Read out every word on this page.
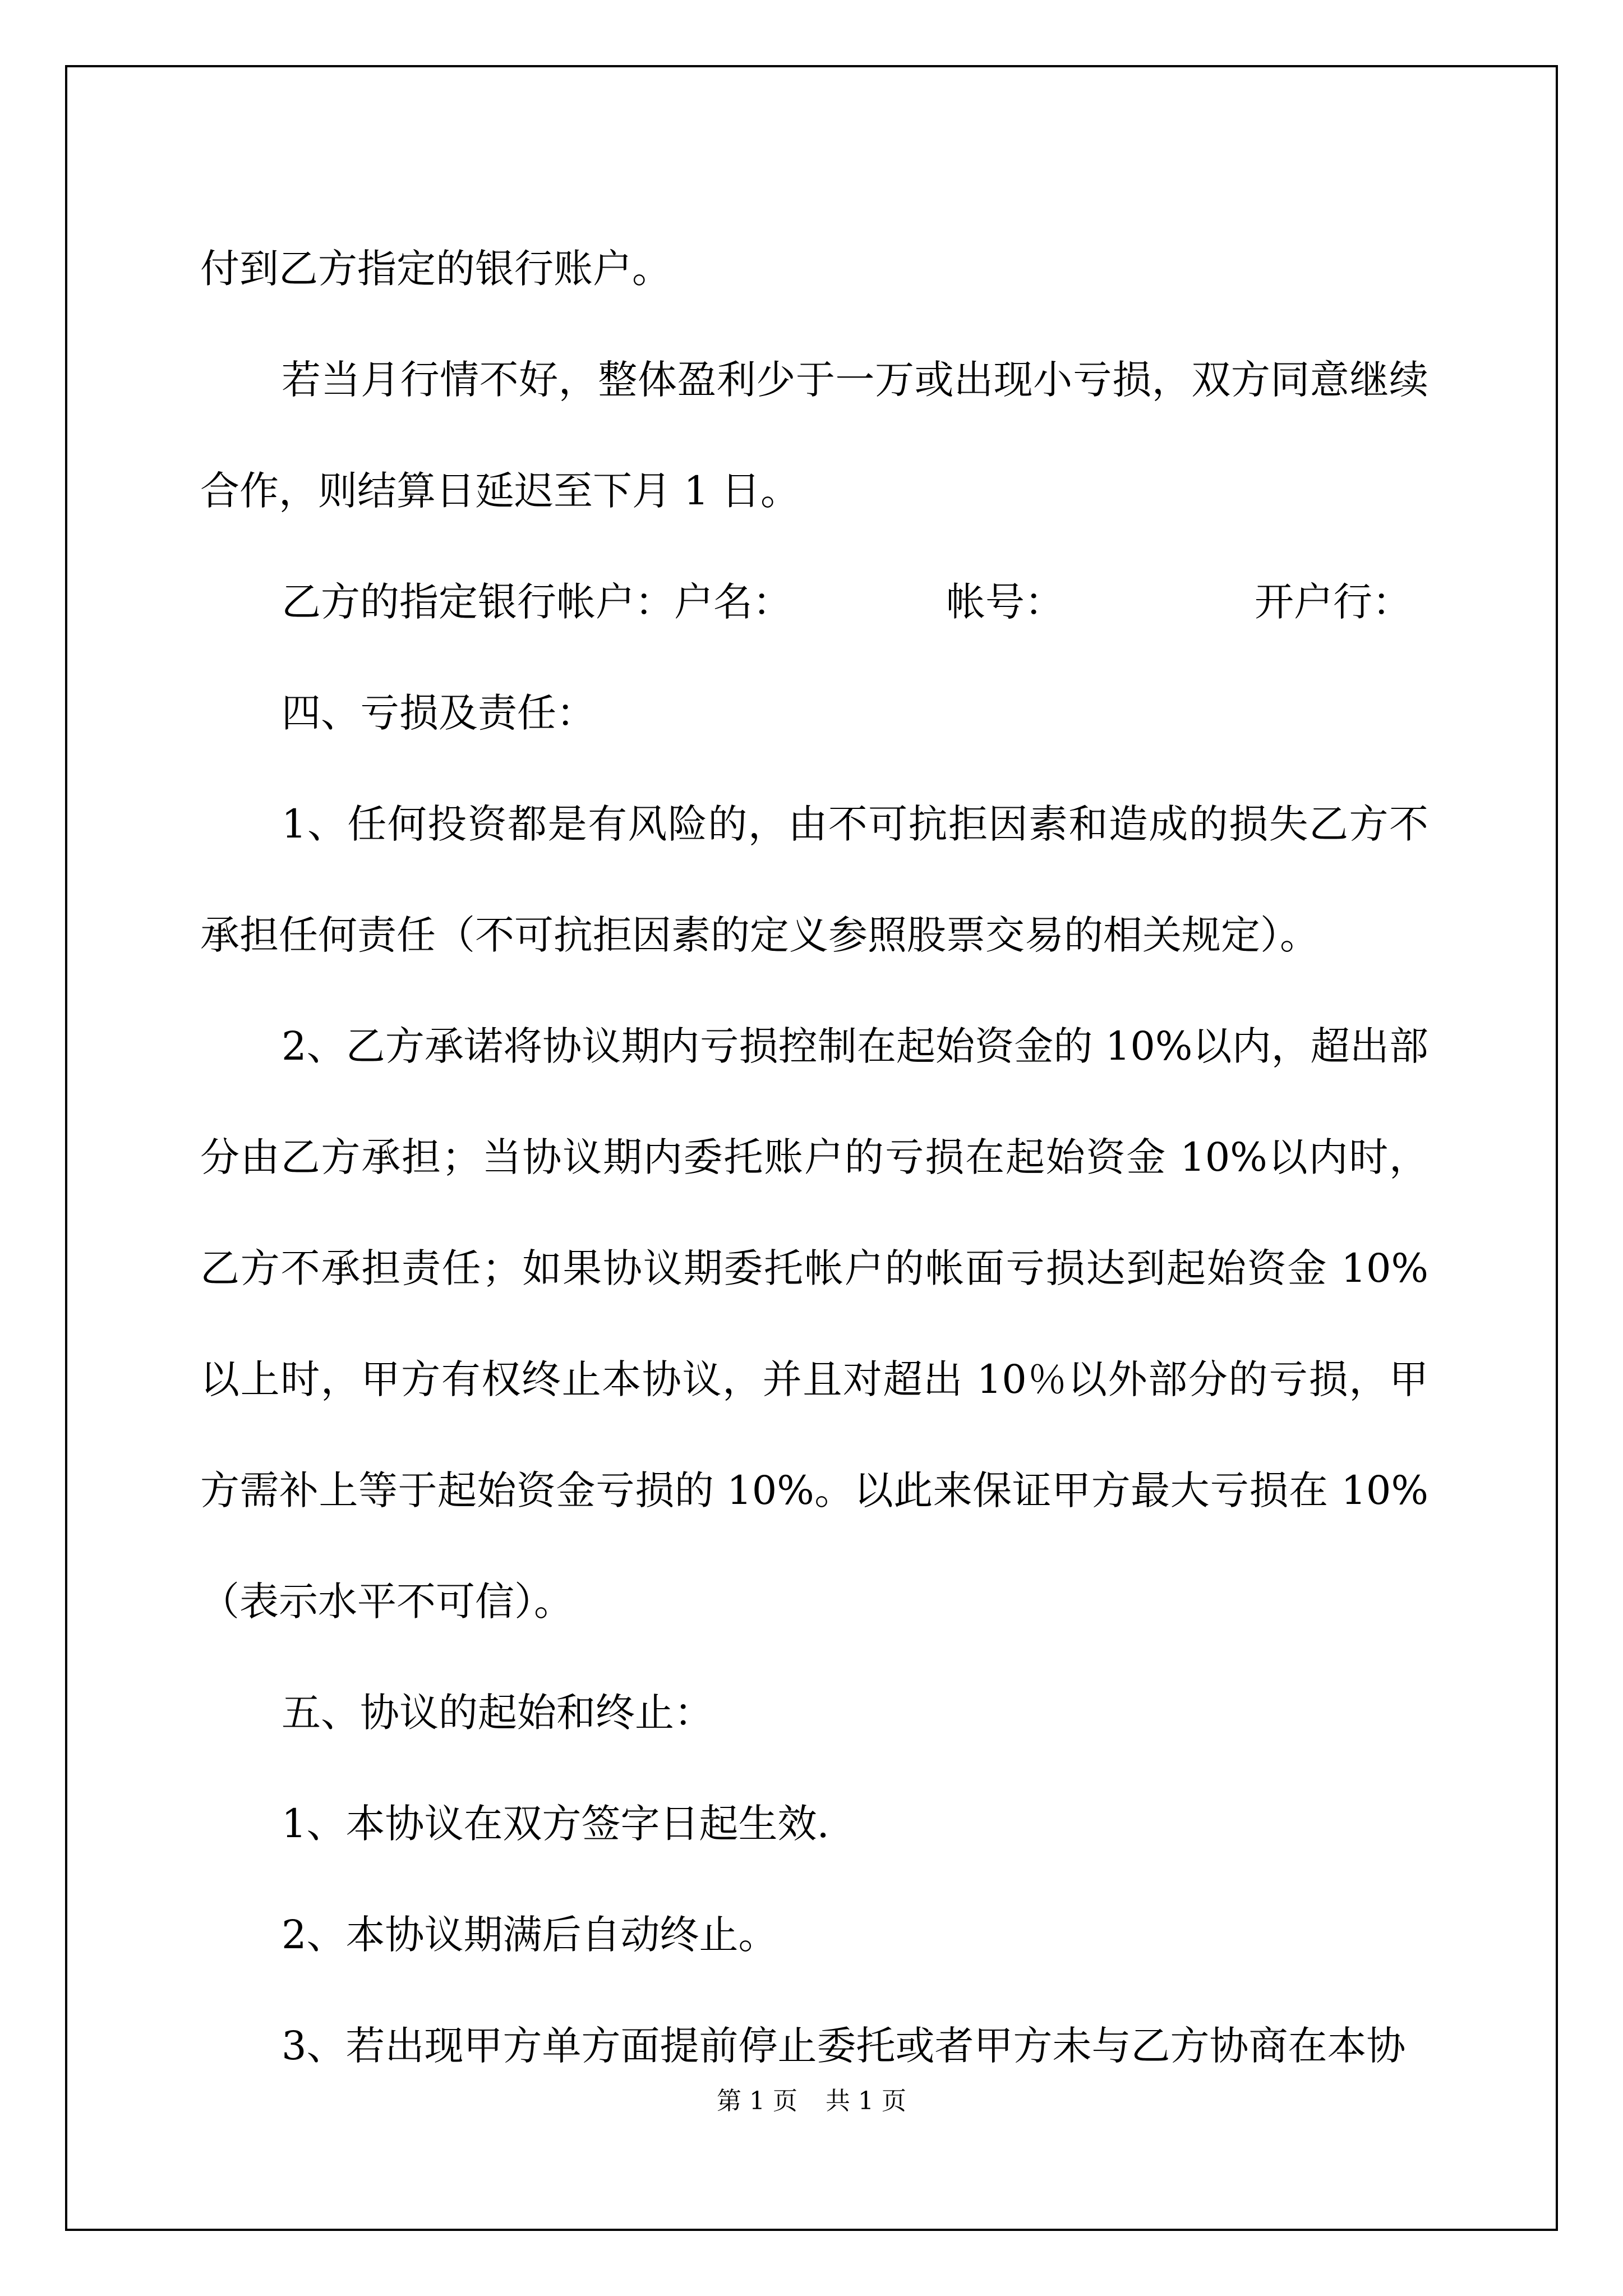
付到乙方指定的银行账户。

若当月行情不好，整体盈利少于一万或出现小亏损，双方同意继续合作，则结算日延迟至下月 1 日。

乙方的指定银行帐户：户名：	帐号：	开户行：

四、亏损及责任：

1、任何投资都是有风险的，由不可抗拒因素和造成的损失乙方不承担任何责任（不可抗拒因素的定义参照股票交易的相关规定）。

2、乙方承诺将协议期内亏损控制在起始资金的 10%以内，超出部分由乙方承担；当协议期内委托账户的亏损在起始资金 10%以内时，乙方不承担责任；如果协议期委托帐户的帐面亏损达到起始资金 10%以上时，甲方有权终止本协议，并且对超出 10％以外部分的亏损，甲方需补上等于起始资金亏损的 10%。以此来保证甲方最大亏损在 10%（表示水平不可信）。

五、协议的起始和终止：

1、本协议在双方签字日起生效.

2、本协议期满后自动终止。

3、若出现甲方单方面提前停止委托或者甲方未与乙方协商在本协

第 1 页 共 1 页
